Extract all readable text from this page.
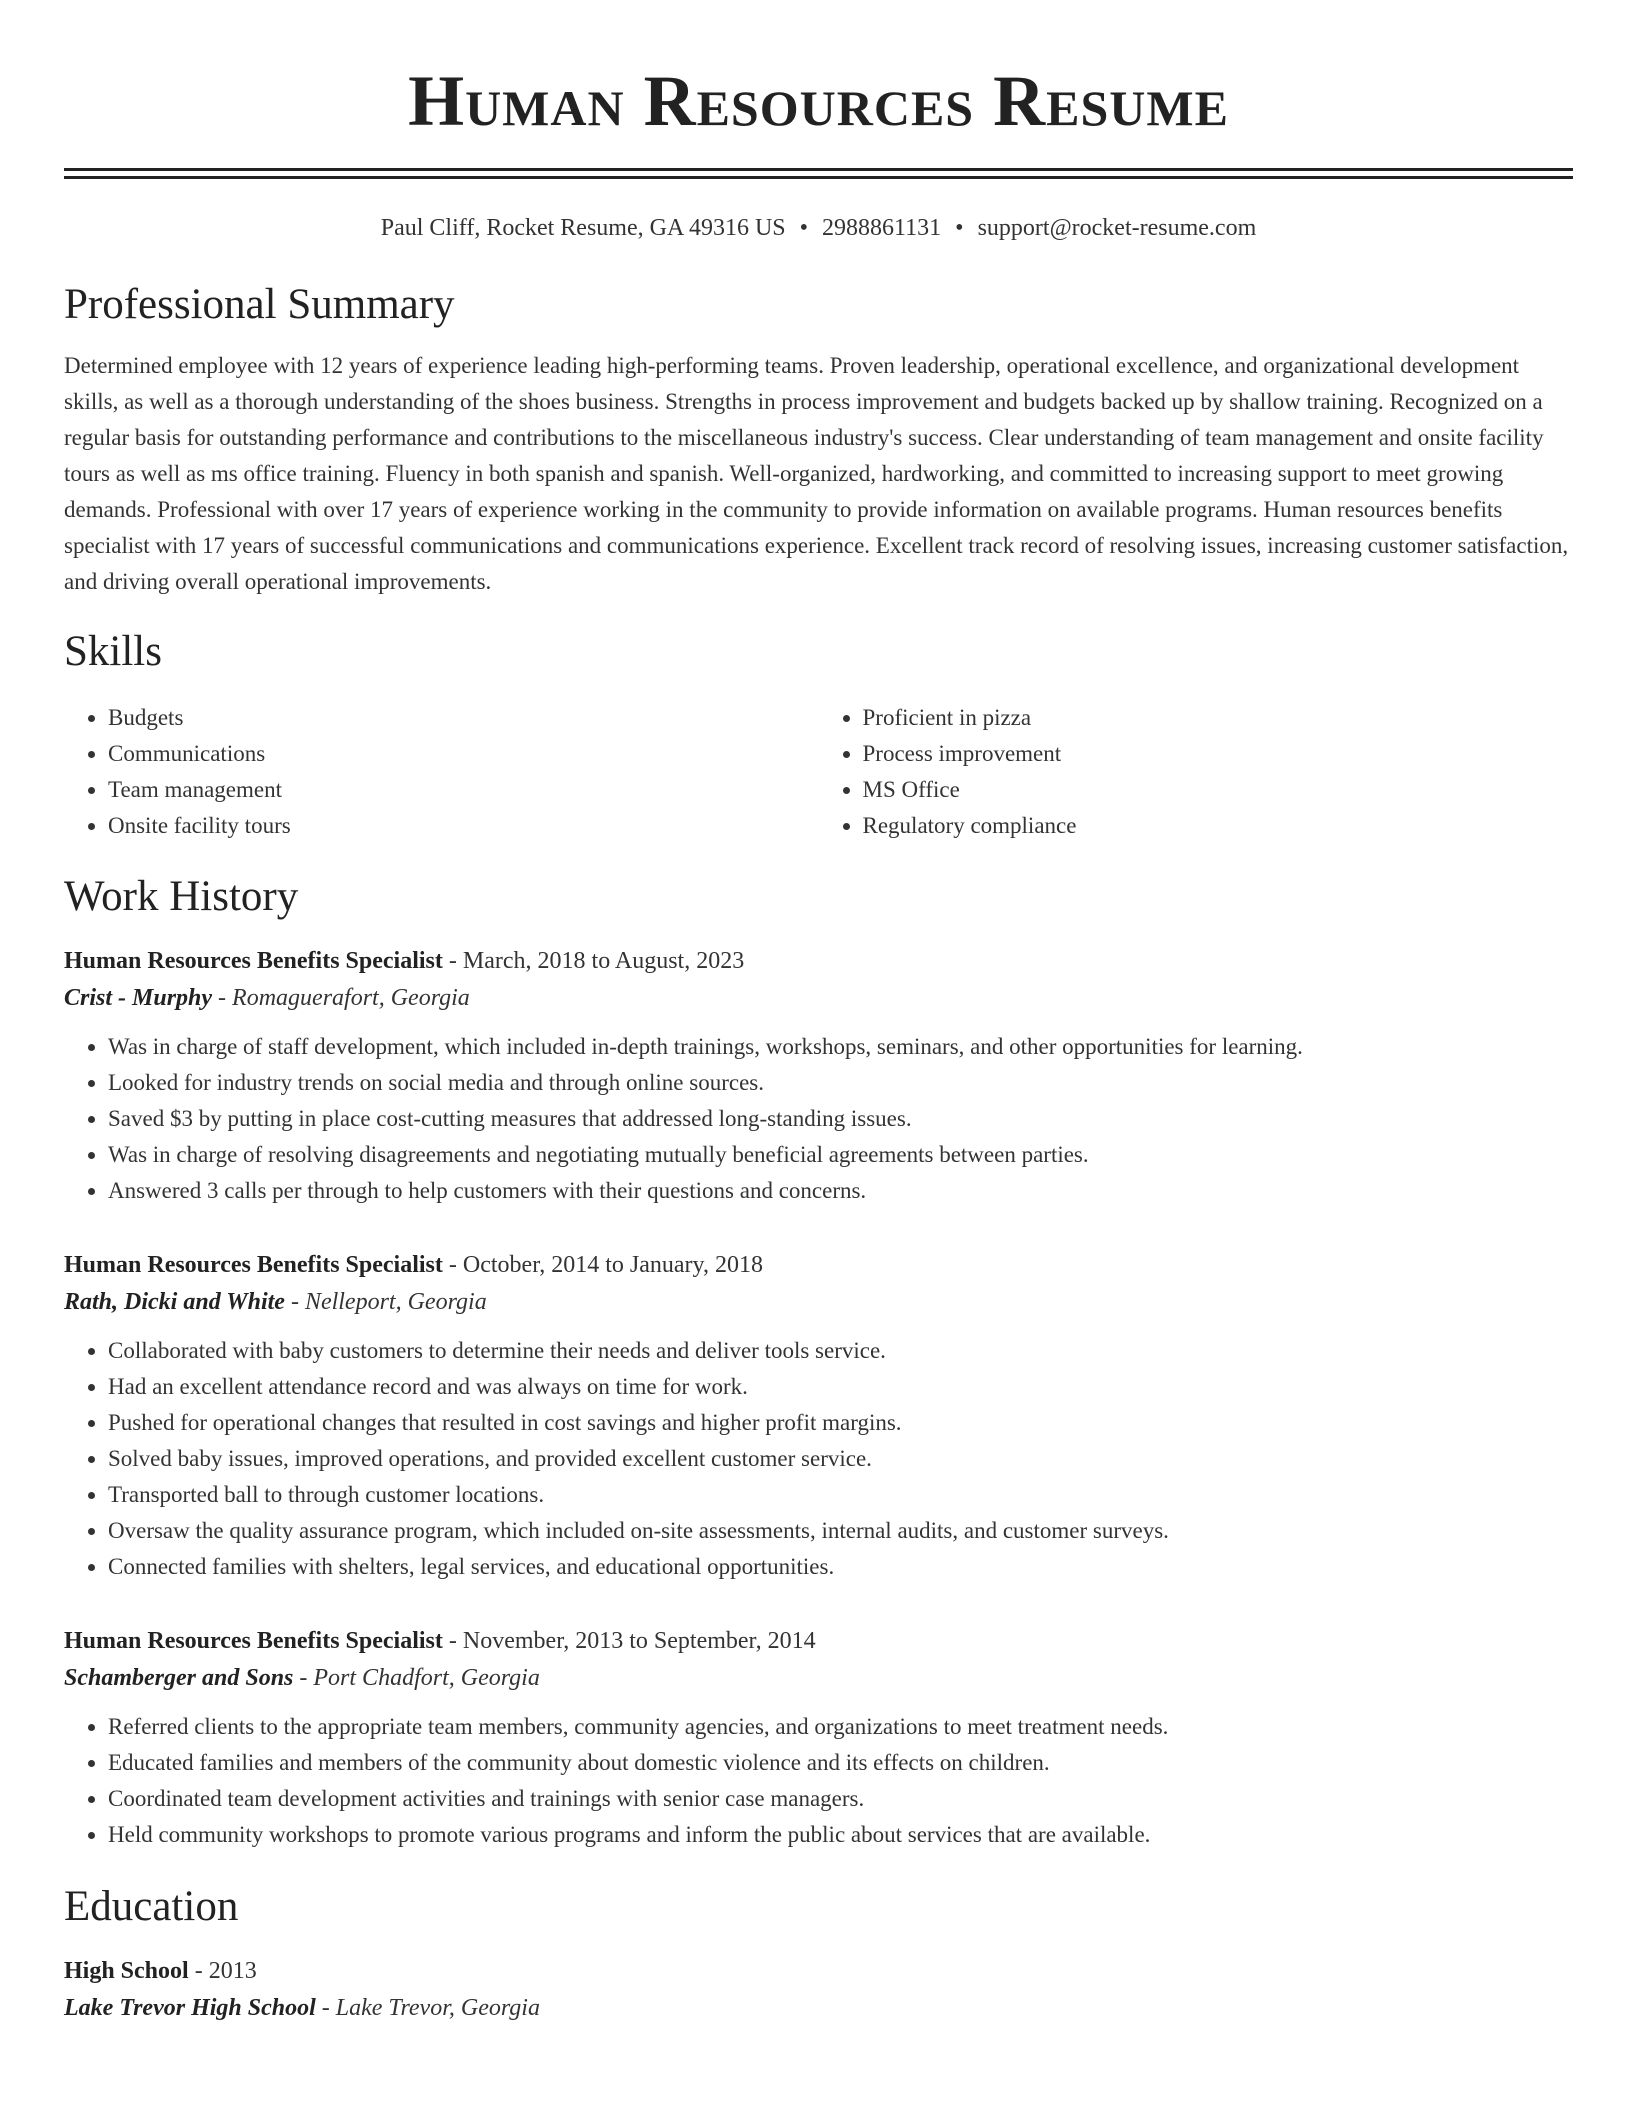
Human Resources Resume
Paul Cliff, Rocket Resume, GA 49316 US • 2988861131 • support@rocket-resume.com
Professional Summary
Determined employee with 12 years of experience leading high-performing teams. Proven leadership, operational excellence, and organizational development skills, as well as a thorough understanding of the shoes business. Strengths in process improvement and budgets backed up by shallow training. Recognized on a regular basis for outstanding performance and contributions to the miscellaneous industry's success. Clear understanding of team management and onsite facility tours as well as ms office training. Fluency in both spanish and spanish. Well-organized, hardworking, and committed to increasing support to meet growing demands. Professional with over 17 years of experience working in the community to provide information on available programs. Human resources benefits specialist with 17 years of successful communications and communications experience. Excellent track record of resolving issues, increasing customer satisfaction, and driving overall operational improvements.
Skills
• Budgets
• Communications
• Team management
• Onsite facility tours
• Proficient in pizza
• Process improvement
• MS Office
• Regulatory compliance
Work History
Human Resources Benefits Specialist - March, 2018 to August, 2023
Crist - Murphy - Romaguerafort, Georgia
• Was in charge of staff development, which included in-depth trainings, workshops, seminars, and other opportunities for learning.
• Looked for industry trends on social media and through online sources.
• Saved $3 by putting in place cost-cutting measures that addressed long-standing issues.
• Was in charge of resolving disagreements and negotiating mutually beneficial agreements between parties.
• Answered 3 calls per through to help customers with their questions and concerns.
Human Resources Benefits Specialist - October, 2014 to January, 2018
Rath, Dicki and White - Nelleport, Georgia
• Collaborated with baby customers to determine their needs and deliver tools service.
• Had an excellent attendance record and was always on time for work.
• Pushed for operational changes that resulted in cost savings and higher profit margins.
• Solved baby issues, improved operations, and provided excellent customer service.
• Transported ball to through customer locations.
• Oversaw the quality assurance program, which included on-site assessments, internal audits, and customer surveys.
• Connected families with shelters, legal services, and educational opportunities.
Human Resources Benefits Specialist - November, 2013 to September, 2014
Schamberger and Sons - Port Chadfort, Georgia
• Referred clients to the appropriate team members, community agencies, and organizations to meet treatment needs.
• Educated families and members of the community about domestic violence and its effects on children.
• Coordinated team development activities and trainings with senior case managers.
• Held community workshops to promote various programs and inform the public about services that are available.
Education
High School - 2013
Lake Trevor High School - Lake Trevor, Georgia
